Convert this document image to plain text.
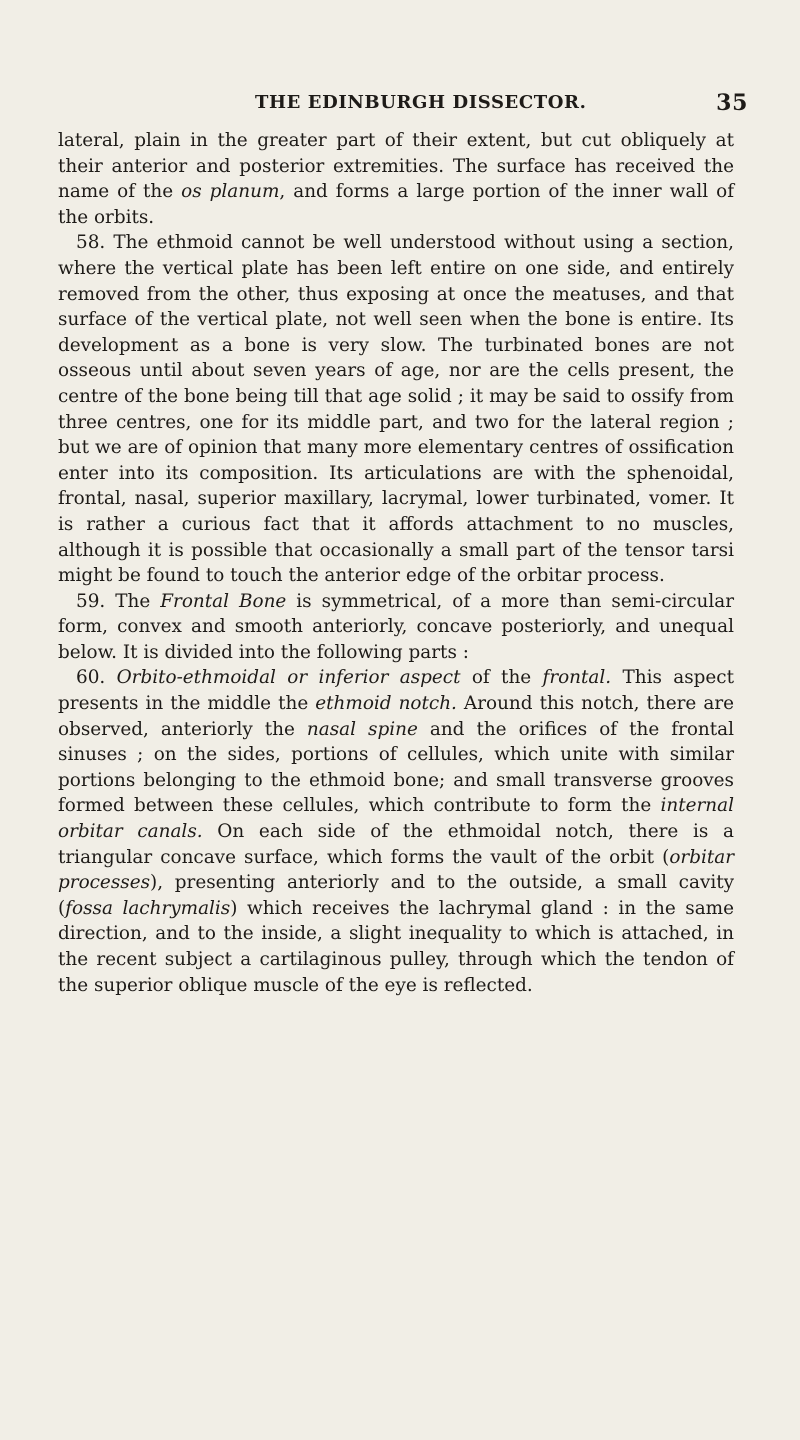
THE EDINBURGH DISSECTOR.	35

lateral, plain in the greater part of their extent, but cut obliquely at their anterior and posterior extremities. The surface has received the name of the os planum, and forms a large portion of the inner wall of the orbits.

58. The ethmoid cannot be well understood without using a section, where the vertical plate has been left entire on one side, and entirely removed from the other, thus exposing at once the meatuses, and that surface of the vertical plate, not well seen when the bone is entire. Its development as a bone is very slow. The turbinated bones are not osseous until about seven years of age, nor are the cells present, the centre of the bone being till that age solid ; it may be said to ossify from three centres, one for its middle part, and two for the lateral region ; but we are of opinion that many more elementary centres of ossification enter into its composition. Its articulations are with the sphenoidal, frontal, nasal, superior maxillary, lacrymal, lower turbinated, vomer. It is rather a curious fact that it affords attachment to no muscles, although it is possible that occasionally a small part of the tensor tarsi might be found to touch the anterior edge of the orbitar process.

59. The Frontal Bone is symmetrical, of a more than semi-circular form, convex and smooth anteriorly, concave posteriorly, and unequal below. It is divided into the following parts :

60. Orbito-ethmoidal or inferior aspect of the frontal. This aspect presents in the middle the ethmoid notch. Around this notch, there are observed, anteriorly the nasal spine and the orifices of the frontal sinuses ; on the sides, portions of cellules, which unite with similar portions belonging to the ethmoid bone; and small transverse grooves formed between these cellules, which contribute to form the internal orbitar canals. On each side of the ethmoidal notch, there is a triangular concave surface, which forms the vault of the orbit (orbitar processes), presenting anteriorly and to the outside, a small cavity (fossa lachrymalis) which receives the lachrymal gland : in the same direction, and to the inside, a slight inequality to which is attached, in the recent subject a cartilaginous pulley, through which the tendon of the superior oblique muscle of the eye is reflected.
